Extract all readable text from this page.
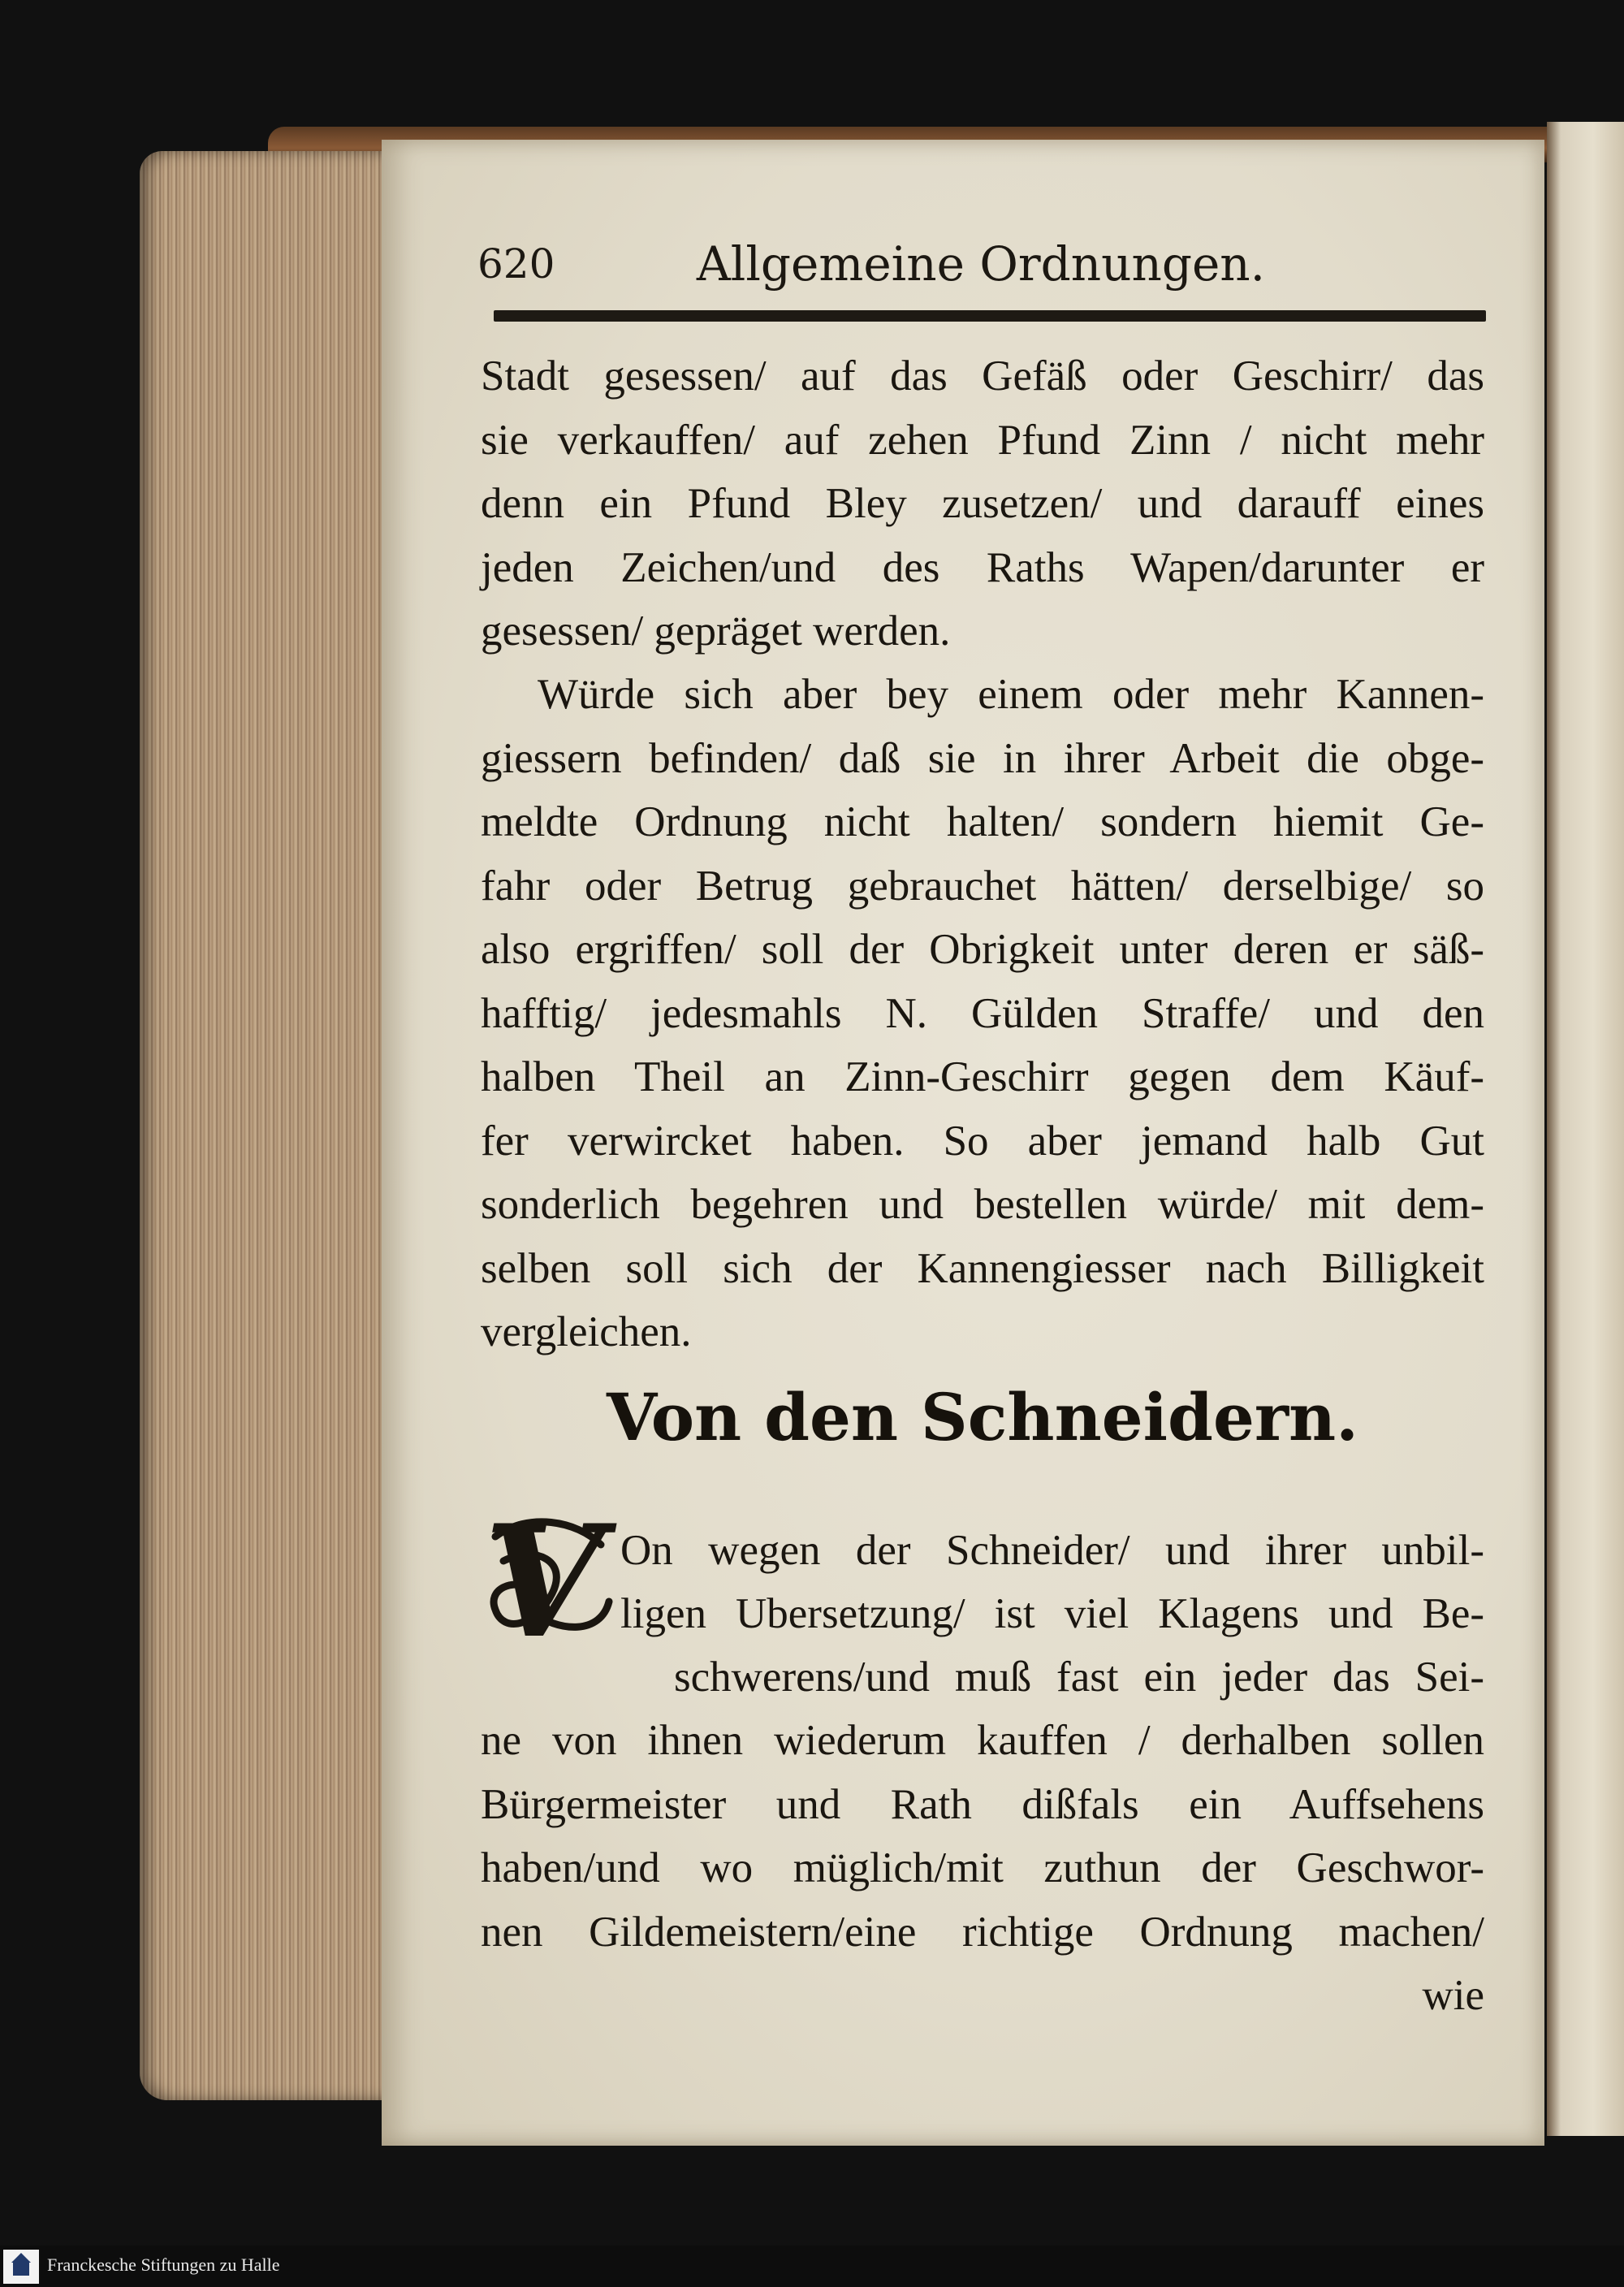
620	Allgemeine Ordnungen.
Stadt gesessen/ auf das Gefäß oder Geschirr/ das
sie verkauffen/ auf zehen Pfund Zinn / nicht mehr
denn ein Pfund Bley zusetzen/ und darauff eines
jeden Zeichen/und des Raths Wapen/darunter er
gesessen/ gepräget werden.
Würde sich aber bey einem oder mehr Kannen-
giessern befinden/ daß sie in ihrer Arbeit die obge-
meldte Ordnung nicht halten/ sondern hiemit Ge-
fahr oder Betrug gebrauchet hätten/ derselbige/ so
also ergriffen/ soll der Obrigkeit unter deren er säß-
hafftig/ jedesmahls N. Gülden Straffe/ und den
halben Theil an Zinn-Geschirr gegen dem Käuf-
fer verwircket haben. So aber jemand halb Gut
sonderlich begehren und bestellen würde/ mit dem-
selben soll sich der Kannengiesser nach Billigkeit
vergleichen.
Von den Schneidern.
V On wegen der Schneider/ und ihrer unbil-
ligen Ubersetzung/ ist viel Klagens und Be-
schwerens/und muß fast ein jeder das Sei-
ne von ihnen wiederum kauffen / derhalben sollen
Bürgermeister und Rath dißfals ein Auffsehens
haben/und wo müglich/mit zuthun der Geschwor-
nen Gildemeistern/eine richtige Ordnung machen/
wie
Franckesche Stiftungen zu Halle
